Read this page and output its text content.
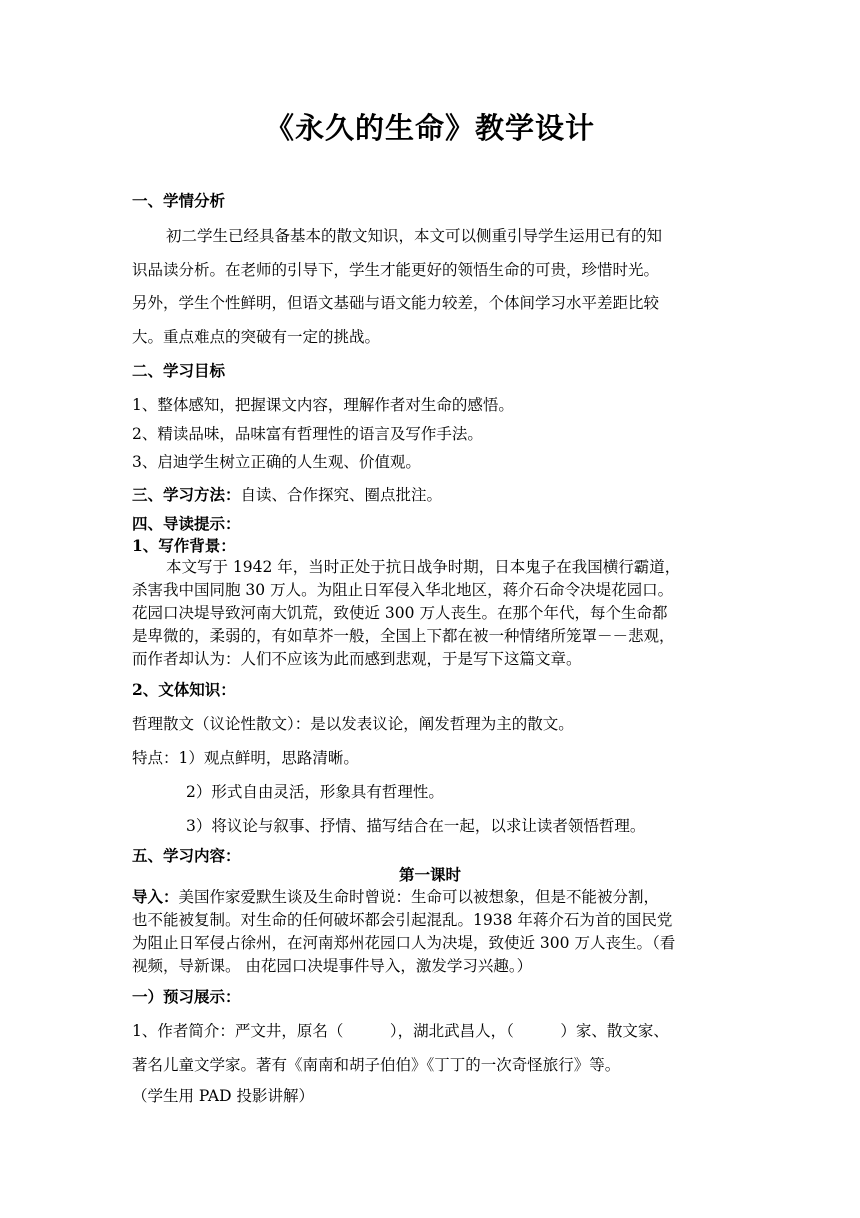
《永久的生命》教学设计
一、学情分析
初二学生已经具备基本的散文知识，本文可以侧重引导学生运用已有的知
识品读分析。在老师的引导下，学生才能更好的领悟生命的可贵，珍惜时光。
另外，学生个性鲜明，但语文基础与语文能力较差，个体间学习水平差距比较
大。重点难点的突破有一定的挑战。
二、学习目标
1、整体感知，把握课文内容，理解作者对生命的感悟。
2、精读品味，品味富有哲理性的语言及写作手法。
3、启迪学生树立正确的人生观、价值观。
三、学习方法：自读、合作探究、圈点批注。
四、导读提示：
1、写作背景：
本文写于 1942 年，当时正处于抗日战争时期，日本鬼子在我国横行霸道，
杀害我中国同胞 30 万人。为阻止日军侵入华北地区，蒋介石命令决堤花园口。
花园口决堤导致河南大饥荒，致使近 300 万人丧生。在那个年代，每个生命都
是卑微的，柔弱的，有如草芥一般，全国上下都在被一种情绪所笼罩－－悲观，
而作者却认为：人们不应该为此而感到悲观，于是写下这篇文章。
2、文体知识：
哲理散文（议论性散文）：是以发表议论，阐发哲理为主的散文。
特点：1）观点鲜明，思路清晰。
2）形式自由灵活，形象具有哲理性。
3）将议论与叙事、抒情、描写结合在一起，以求让读者领悟哲理。
五、学习内容：
第一课时
导入：美国作家爱默生谈及生命时曾说：生命可以被想象，但是不能被分割，
也不能被复制。对生命的任何破坏都会引起混乱。1938 年蒋介石为首的国民党
为阻止日军侵占徐州，在河南郑州花园口人为决堤，致使近 300 万人丧生。（看
视频，导新课。 由花园口决堤事件导入，激发学习兴趣。）
一）预习展示：
1、作者简介：严文井，原名（　　　），湖北武昌人，（　　　）家、散文家、
著名儿童文学家。著有《南南和胡子伯伯》《丁丁的一次奇怪旅行》等。
（学生用 PAD 投影讲解）
